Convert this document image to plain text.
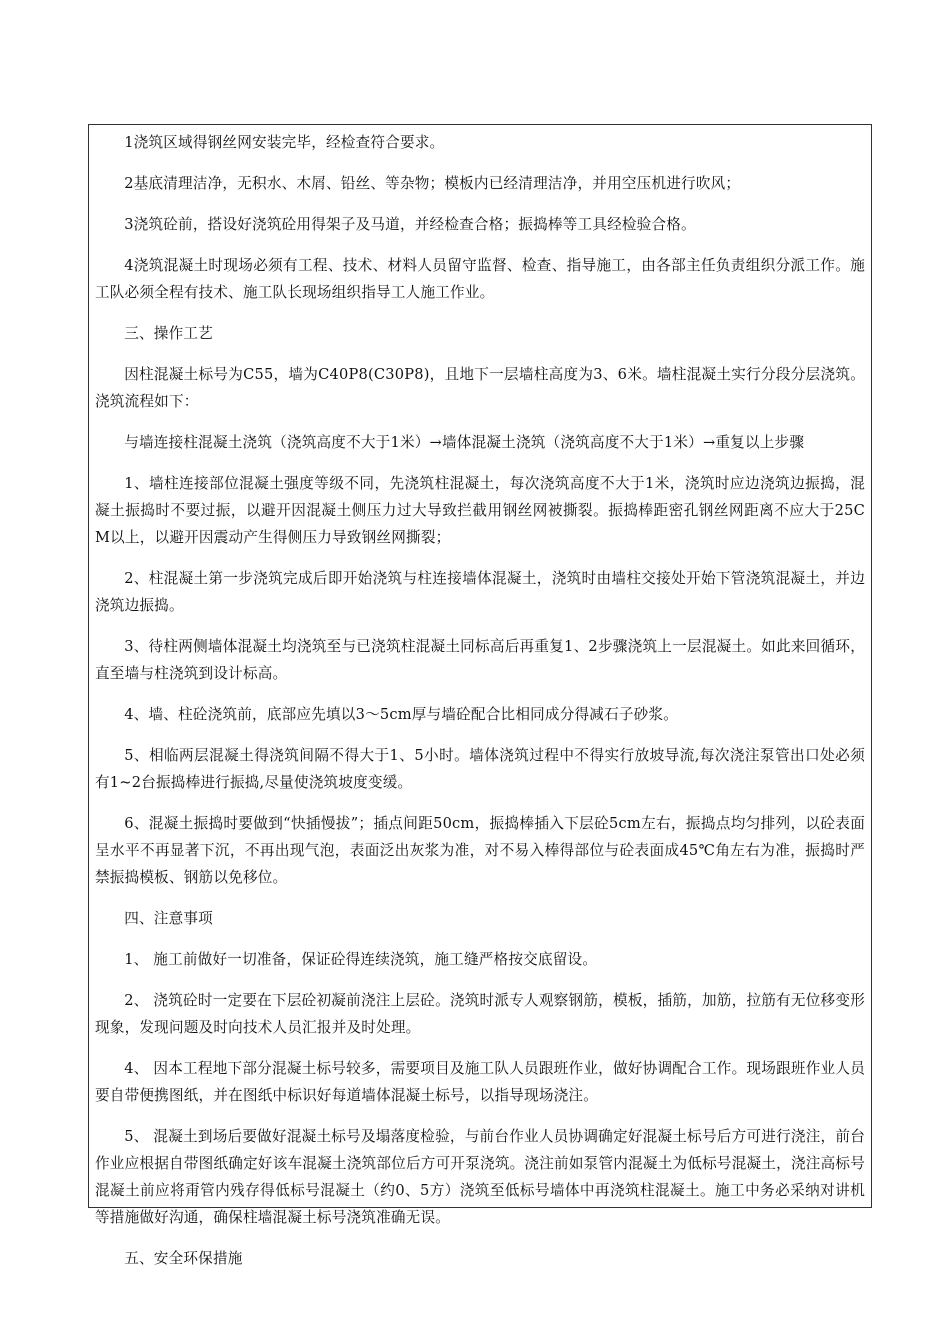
1浇筑区域得钢丝网安装完毕，经检查符合要求。

2基底清理洁净，无积水、木屑、铅丝、等杂物；模板内已经清理洁净，并用空压机进行吹风；

3浇筑砼前，搭设好浇筑砼用得架子及马道，并经检查合格；振捣棒等工具经检验合格。

4浇筑混凝土时现场必须有工程、技术、材料人员留守监督、检查、指导施工，由各部主任负责组织分派工作。施工队必须全程有技术、施工队长现场组织指导工人施工作业。

三、操作工艺

因柱混凝土标号为C55，墙为C40P8(C30P8)，且地下一层墙柱高度为3、6米。墙柱混凝土实行分段分层浇筑。浇筑流程如下：

与墙连接柱混凝土浇筑（浇筑高度不大于1米）→墙体混凝土浇筑（浇筑高度不大于1米）→重复以上步骤

1、墙柱连接部位混凝土强度等级不同，先浇筑柱混凝土，每次浇筑高度不大于1米，浇筑时应边浇筑边振捣，混凝土振捣时不要过振，以避开因混凝土侧压力过大导致拦截用钢丝网被撕裂。振捣棒距密孔钢丝网距离不应大于25CM以上，以避开因震动产生得侧压力导致钢丝网撕裂；

2、柱混凝土第一步浇筑完成后即开始浇筑与柱连接墙体混凝土，浇筑时由墙柱交接处开始下管浇筑混凝土，并边浇筑边振捣。

3、待柱两侧墙体混凝土均浇筑至与已浇筑柱混凝土同标高后再重复1、2步骤浇筑上一层混凝土。如此来回循环，直至墙与柱浇筑到设计标高。

4、墙、柱砼浇筑前，底部应先填以3～5cm厚与墙砼配合比相同成分得减石子砂浆。

5、相临两层混凝土得浇筑间隔不得大于1、5小时。墙体浇筑过程中不得实行放坡导流,每次浇注泵管出口处必须有1~2台振捣棒进行振捣,尽量使浇筑坡度变缓。

6、混凝土振捣时要做到“快插慢拔”；插点间距50cm，振捣棒插入下层砼5cm左右，振捣点均匀排列，以砼表面呈水平不再显著下沉，不再出现气泡，表面泛出灰浆为准，对不易入棒得部位与砼表面成45℃角左右为准，振捣时严禁振捣模板、钢筋以免移位。

四、注意事项

1、 施工前做好一切准备，保证砼得连续浇筑，施工缝严格按交底留设。

2、 浇筑砼时一定要在下层砼初凝前浇注上层砼。浇筑时派专人观察钢筋，模板，插筋，加筋，拉筋有无位移变形现象，发现问题及时向技术人员汇报并及时处理。

4、 因本工程地下部分混凝土标号较多，需要项目及施工队人员跟班作业，做好协调配合工作。现场跟班作业人员要自带便携图纸，并在图纸中标识好每道墙体混凝土标号，以指导现场浇注。

5、 混凝土到场后要做好混凝土标号及塌落度检验，与前台作业人员协调确定好混凝土标号后方可进行浇注，前台作业应根据自带图纸确定好该车混凝土浇筑部位后方可开泵浇筑。浇注前如泵管内混凝土为低标号混凝土，浇注高标号混凝土前应将甭管内残存得低标号混凝土（约0、5方）浇筑至低标号墙体中再浇筑柱混凝土。施工中务必采纳对讲机等措施做好沟通，确保柱墙混凝土标号浇筑准确无误。

五、安全环保措施
